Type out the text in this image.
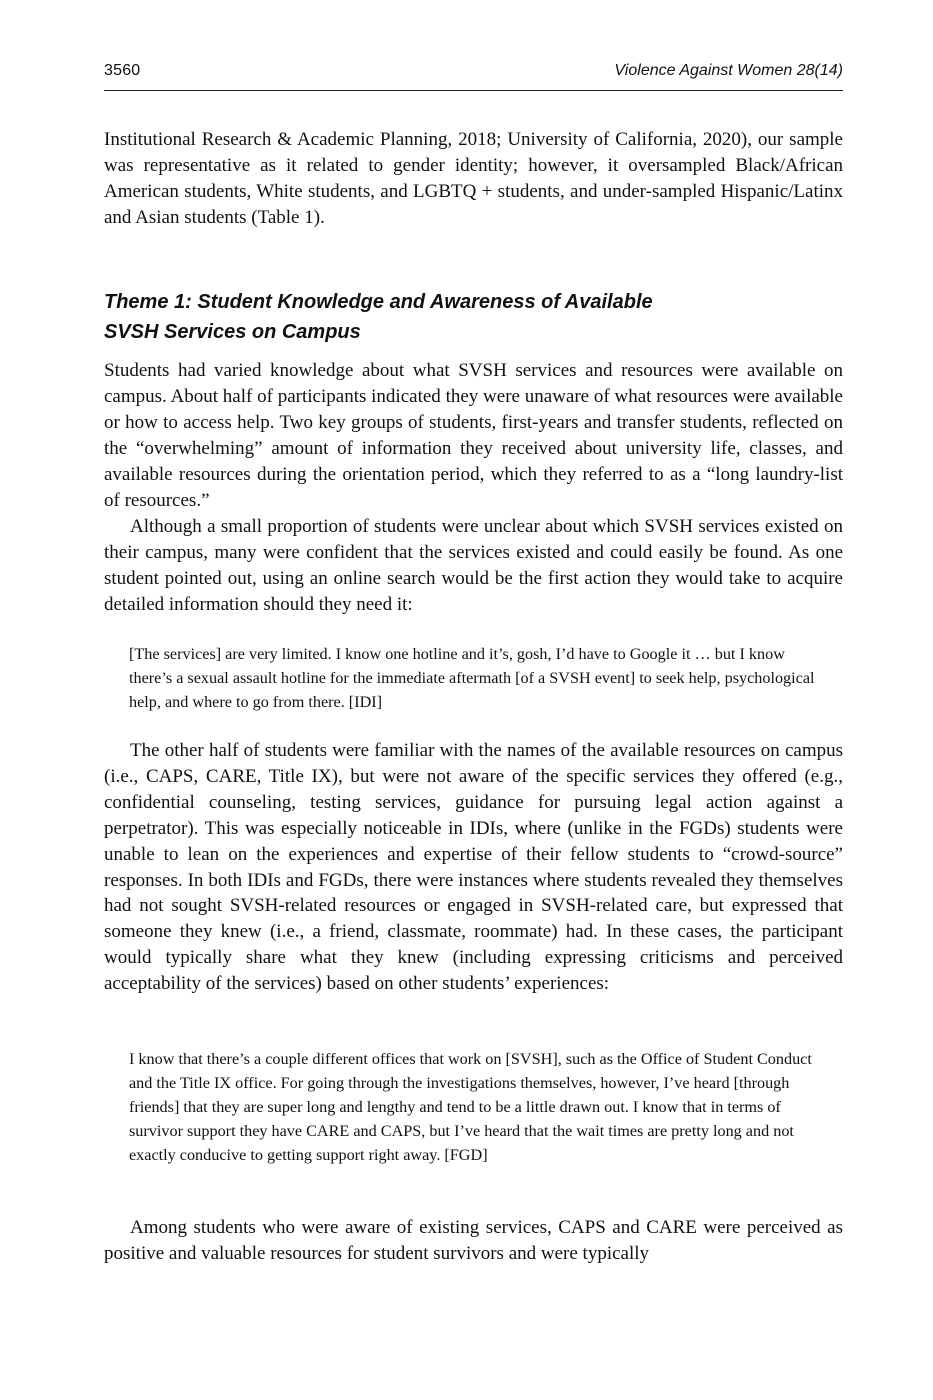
3560	Violence Against Women 28(14)

Institutional Research & Academic Planning, 2018; University of California, 2020), our sample was representative as it related to gender identity; however, it oversampled Black/African American students, White students, and LGBTQ + students, and under-sampled Hispanic/Latinx and Asian students (Table 1).

Theme 1: Student Knowledge and Awareness of Available
SVSH Services on Campus

Students had varied knowledge about what SVSH services and resources were available on campus. About half of participants indicated they were unaware of what resources were available or how to access help. Two key groups of students, first-years and transfer students, reflected on the “overwhelming” amount of information they received about university life, classes, and available resources during the orientation period, which they referred to as a “long laundry-list of resources.”

Although a small proportion of students were unclear about which SVSH services existed on their campus, many were confident that the services existed and could easily be found. As one student pointed out, using an online search would be the first action they would take to acquire detailed information should they need it:

[The services] are very limited. I know one hotline and it’s, gosh, I’d have to Google it … but I know there’s a sexual assault hotline for the immediate aftermath [of a SVSH event] to seek help, psychological help, and where to go from there. [IDI]

The other half of students were familiar with the names of the available resources on campus (i.e., CAPS, CARE, Title IX), but were not aware of the specific services they offered (e.g., confidential counseling, testing services, guidance for pursuing legal action against a perpetrator). This was especially noticeable in IDIs, where (unlike in the FGDs) students were unable to lean on the experiences and expertise of their fellow students to “crowd-source” responses. In both IDIs and FGDs, there were instances where students revealed they themselves had not sought SVSH-related resources or engaged in SVSH-related care, but expressed that someone they knew (i.e., a friend, classmate, roommate) had. In these cases, the participant would typically share what they knew (including expressing criticisms and perceived acceptability of the services) based on other students’ experiences:

I know that there’s a couple different offices that work on [SVSH], such as the Office of Student Conduct and the Title IX office. For going through the investigations themselves, however, I’ve heard [through friends] that they are super long and lengthy and tend to be a little drawn out. I know that in terms of survivor support they have CARE and CAPS, but I’ve heard that the wait times are pretty long and not exactly conducive to getting support right away. [FGD]

Among students who were aware of existing services, CAPS and CARE were perceived as positive and valuable resources for student survivors and were typically
